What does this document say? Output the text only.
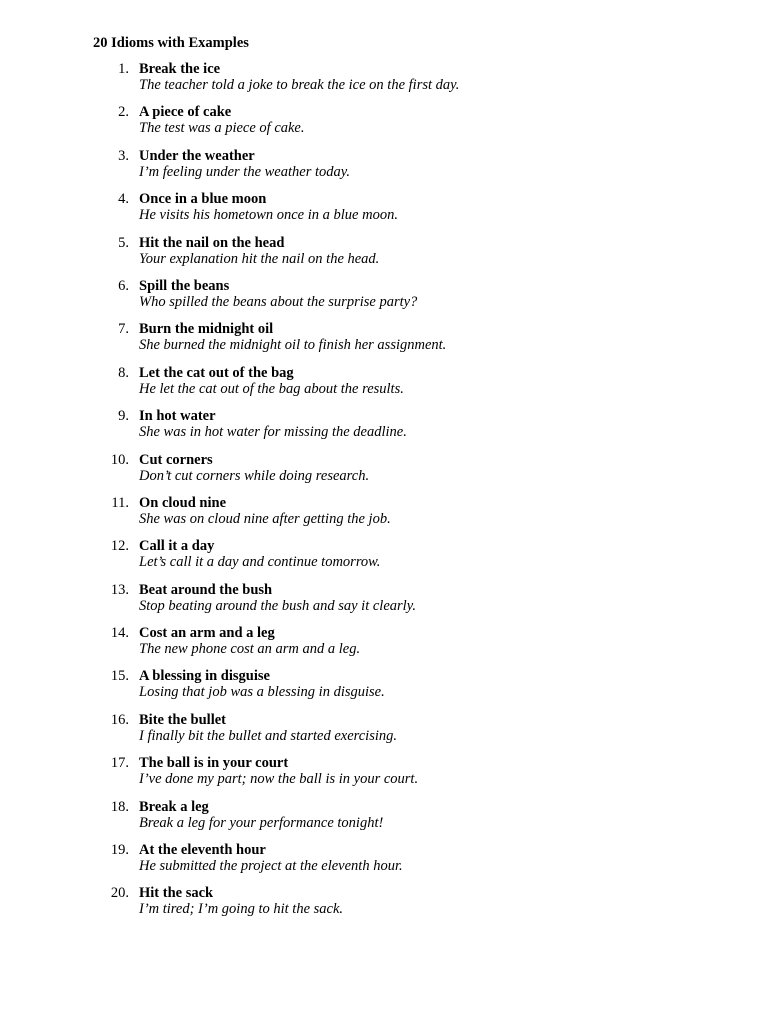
20 Idioms with Examples
1. Break the ice
The teacher told a joke to break the ice on the first day.
2. A piece of cake
The test was a piece of cake.
3. Under the weather
I’m feeling under the weather today.
4. Once in a blue moon
He visits his hometown once in a blue moon.
5. Hit the nail on the head
Your explanation hit the nail on the head.
6. Spill the beans
Who spilled the beans about the surprise party?
7. Burn the midnight oil
She burned the midnight oil to finish her assignment.
8. Let the cat out of the bag
He let the cat out of the bag about the results.
9. In hot water
She was in hot water for missing the deadline.
10. Cut corners
Don’t cut corners while doing research.
11. On cloud nine
She was on cloud nine after getting the job.
12. Call it a day
Let’s call it a day and continue tomorrow.
13. Beat around the bush
Stop beating around the bush and say it clearly.
14. Cost an arm and a leg
The new phone cost an arm and a leg.
15. A blessing in disguise
Losing that job was a blessing in disguise.
16. Bite the bullet
I finally bit the bullet and started exercising.
17. The ball is in your court
I’ve done my part; now the ball is in your court.
18. Break a leg
Break a leg for your performance tonight!
19. At the eleventh hour
He submitted the project at the eleventh hour.
20. Hit the sack
I’m tired; I’m going to hit the sack.
